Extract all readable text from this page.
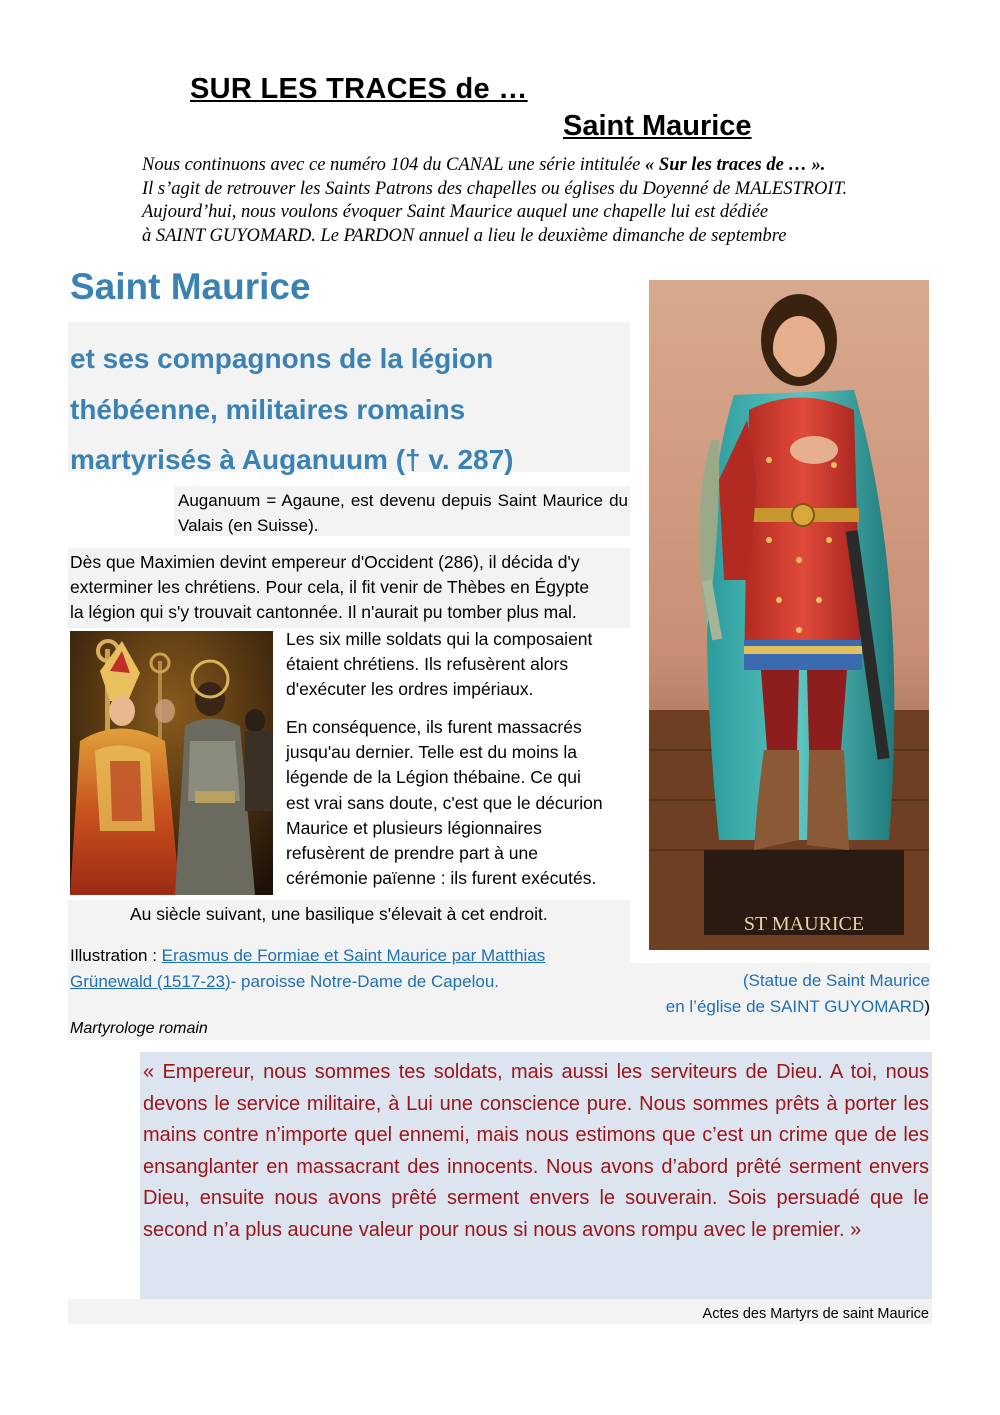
SUR LES TRACES de …
Saint Maurice

Nous continuons avec ce numéro 104 du CANAL une série intitulée « Sur les traces de … ».

Il s’agit de retrouver les Saints Patrons des chapelles ou églises du Doyenné de MALESTROIT.

Aujourd’hui, nous voulons évoquer Saint Maurice auquel une chapelle lui est dédiée

à SAINT GUYOMARD. Le PARDON annuel a lieu le deuxième dimanche de septembre

Saint Maurice

et ses compagnons de la légion

thébéenne, militaires romains

martyrisés à Auganuum († v. 287)

Auganuum = Agaune, est devenu depuis Saint Maurice du Valais (en Suisse).

Dès que Maximien devint empereur d'Occident (286), il décida d'y

exterminer les chrétiens. Pour cela, il fit venir de Thèbes en Égypte

la légion qui s'y trouvait cantonnée. Il n'aurait pu tomber plus mal.

Les six mille soldats qui la composaient

étaient chrétiens. Ils refusèrent alors

d'exécuter les ordres impériaux.

En conséquence, ils furent massacrés

jusqu'au dernier. Telle est du moins la

légende de la Légion thébaine. Ce qui

est vrai sans doute, c'est que le décurion

Maurice et plusieurs légionnaires

refusèrent de prendre part à une

cérémonie païenne : ils furent exécutés.

Au siècle suivant, une basilique s'élevait à cet endroit.

Illustration : Erasmus de Formiae et Saint Maurice par Matthias

Grünewald (1517-23)- paroisse Notre-Dame de Capelou.	(Statue de Saint Maurice

en l’église de SAINT GUYOMARD)

Martyrologe romain
ST MAURICE
« Empereur, nous sommes tes soldats, mais aussi les serviteurs de Dieu. A toi, nous devons le service militaire, à Lui une conscience pure. Nous sommes prêts à porter les mains contre n’importe quel ennemi, mais nous estimons que c’est un crime que de les ensanglanter en massacrant des innocents. Nous avons d’abord prêté serment envers Dieu, ensuite nous avons prêté serment envers le souverain. Sois persuadé que le second n’a plus aucune valeur pour nous si nous avons rompu avec le premier. »
Actes des Martyrs de saint Maurice
